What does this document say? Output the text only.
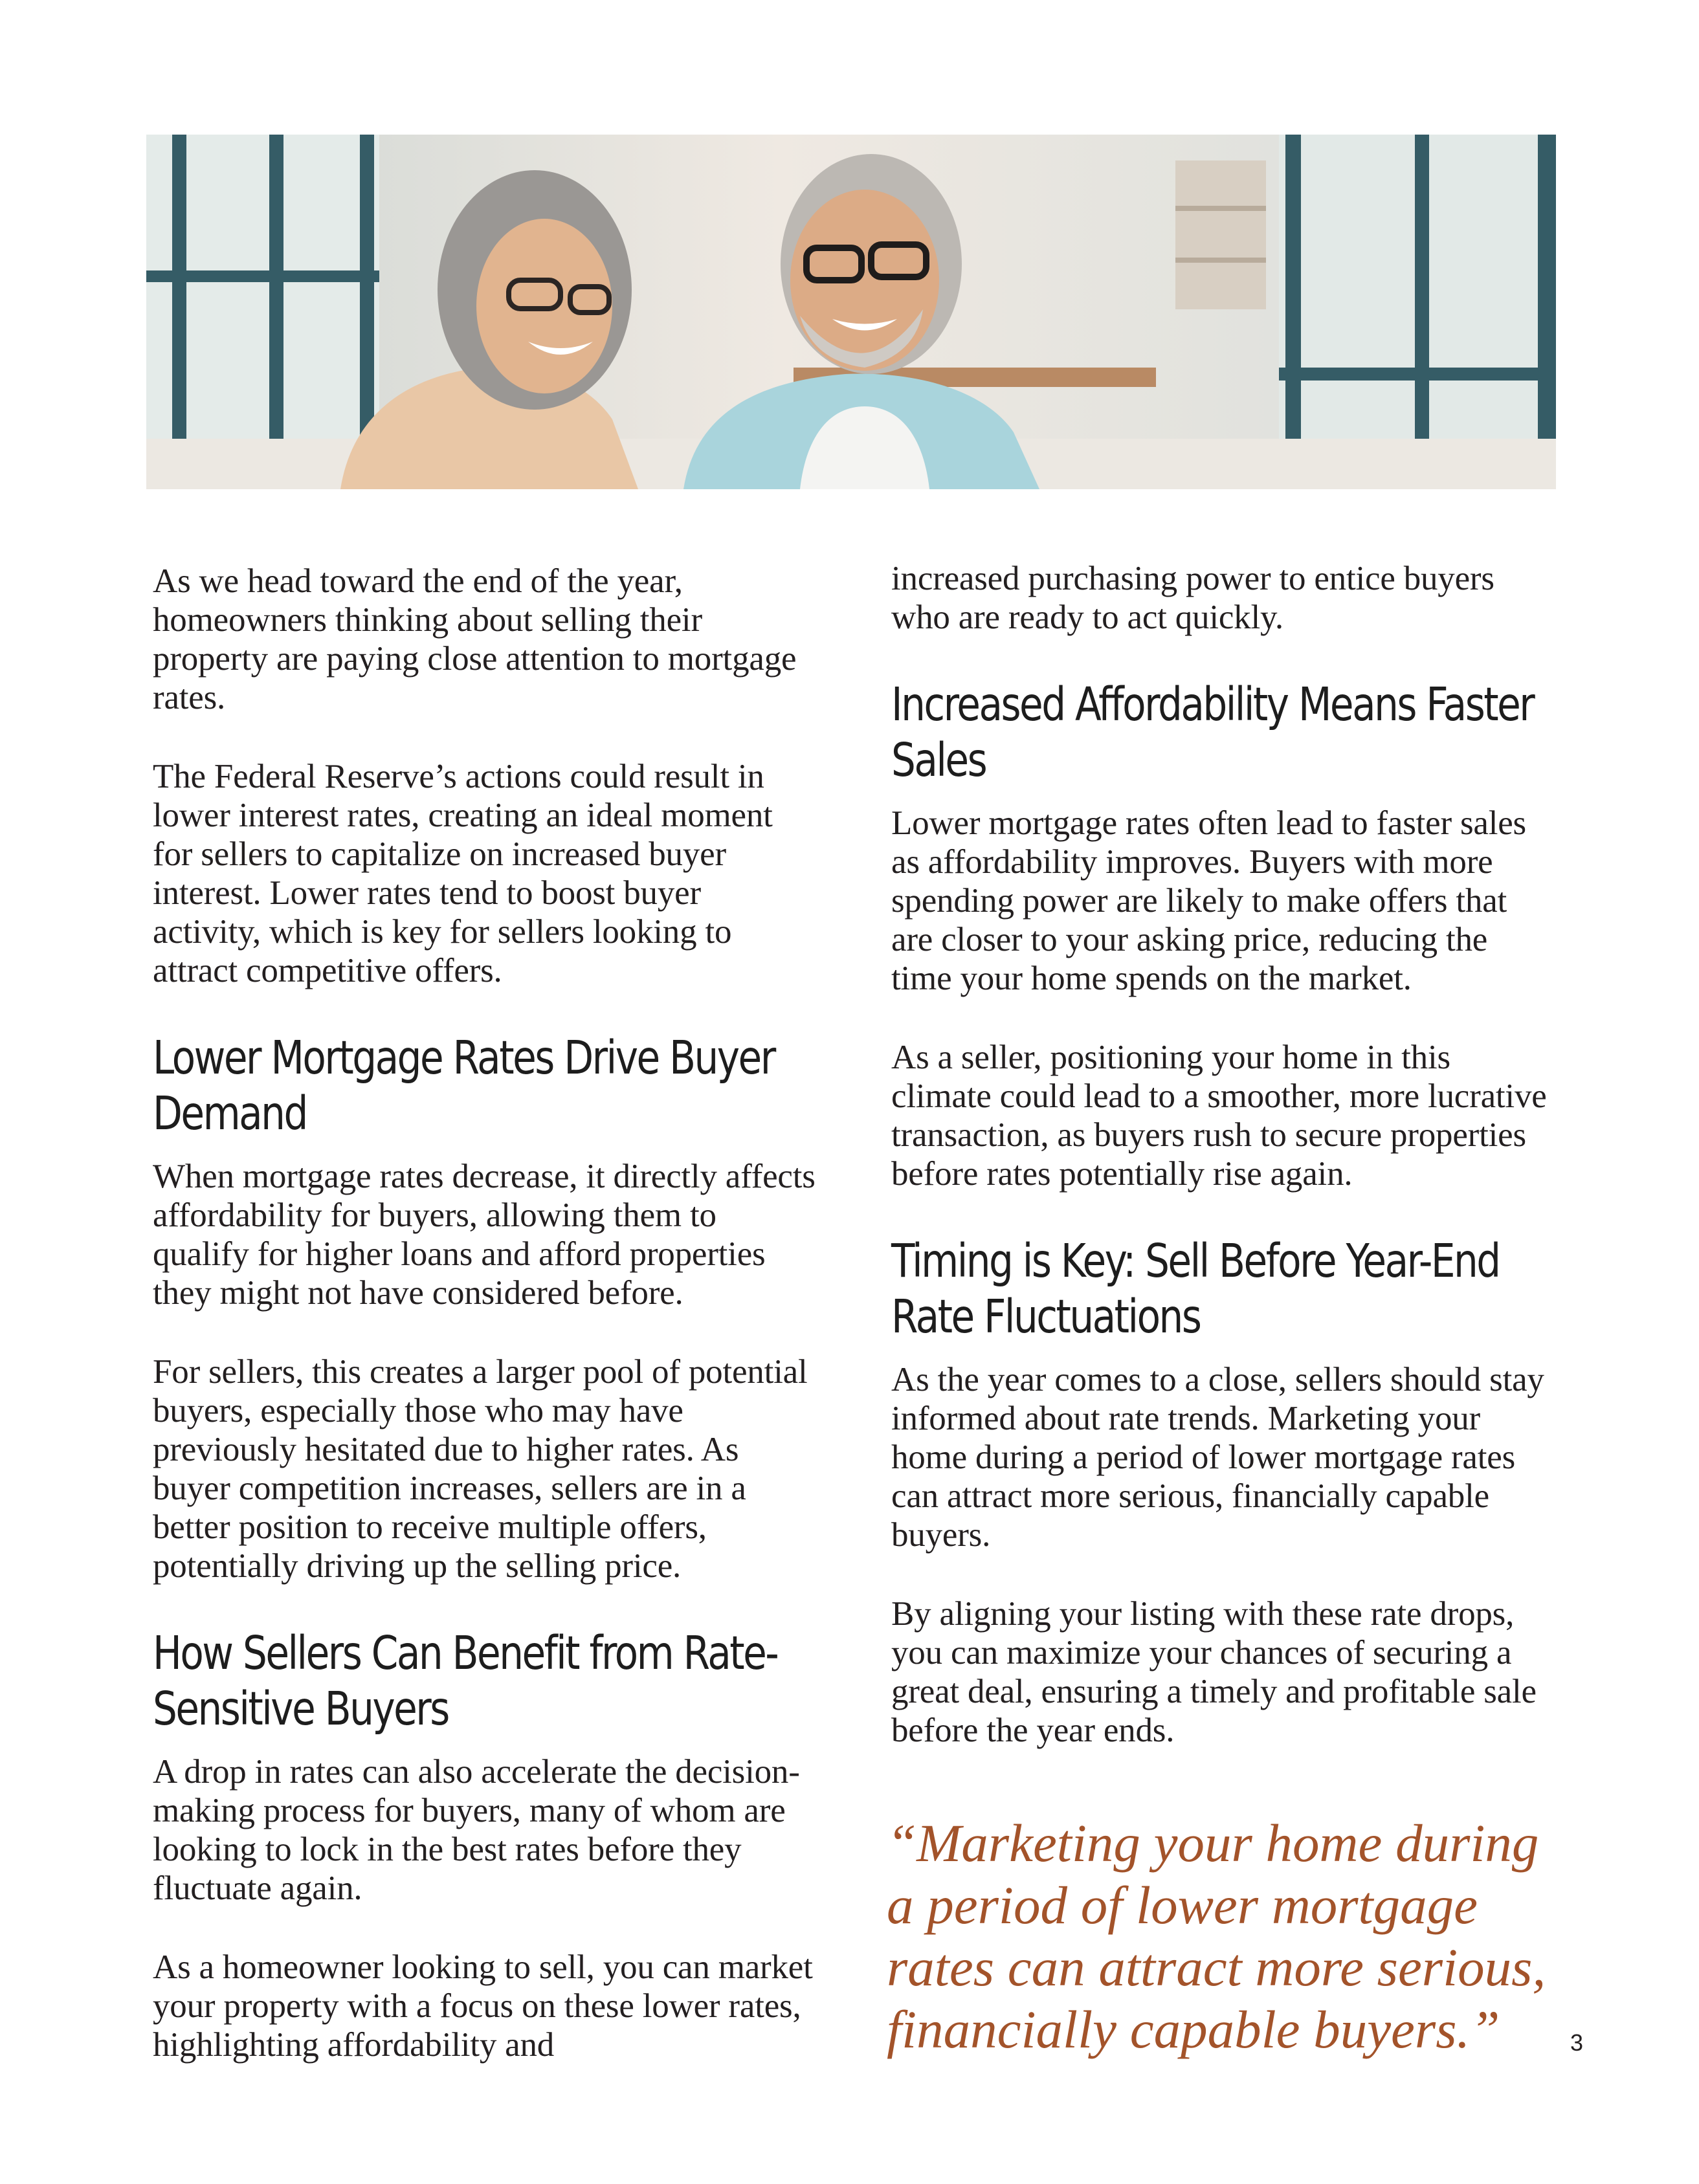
As we head toward the end of the year, homeowners thinking about selling their property are paying close attention to mortgage rates.

The Federal Reserve’s actions could result in lower interest rates, creating an ideal moment for sellers to capitalize on increased buyer interest. Lower rates tend to boost buyer activity, which is key for sellers looking to attract competitive offers.

Lower Mortgage Rates Drive Buyer Demand

When mortgage rates decrease, it directly affects affordability for buyers, allowing them to qualify for higher loans and afford properties they might not have considered before.

For sellers, this creates a larger pool of potential buyers, especially those who may have previously hesitated due to higher rates. As buyer competition increases, sellers are in a better position to receive multiple offers, potentially driving up the selling price.

How Sellers Can Benefit from Rate-Sensitive Buyers

A drop in rates can also accelerate the decision-making process for buyers, many of whom are looking to lock in the best rates before they fluctuate again.

As a homeowner looking to sell, you can market your property with a focus on these lower rates, highlighting affordability and

increased purchasing power to entice buyers who are ready to act quickly.

Increased Affordability Means Faster Sales

Lower mortgage rates often lead to faster sales as affordability improves. Buyers with more spending power are likely to make offers that are closer to your asking price, reducing the time your home spends on the market.

As a seller, positioning your home in this climate could lead to a smoother, more lucrative transaction, as buyers rush to secure properties before rates potentially rise again.

Timing is Key: Sell Before Year-End Rate Fluctuations

As the year comes to a close, sellers should stay informed about rate trends. Marketing your home during a period of lower mortgage rates can attract more serious, financially capable buyers.

By aligning your listing with these rate drops, you can maximize your chances of securing a great deal, ensuring a timely and profitable sale before the year ends.

“Marketing your home during a period of lower mortgage rates can attract more serious, financially capable buyers.”	3
